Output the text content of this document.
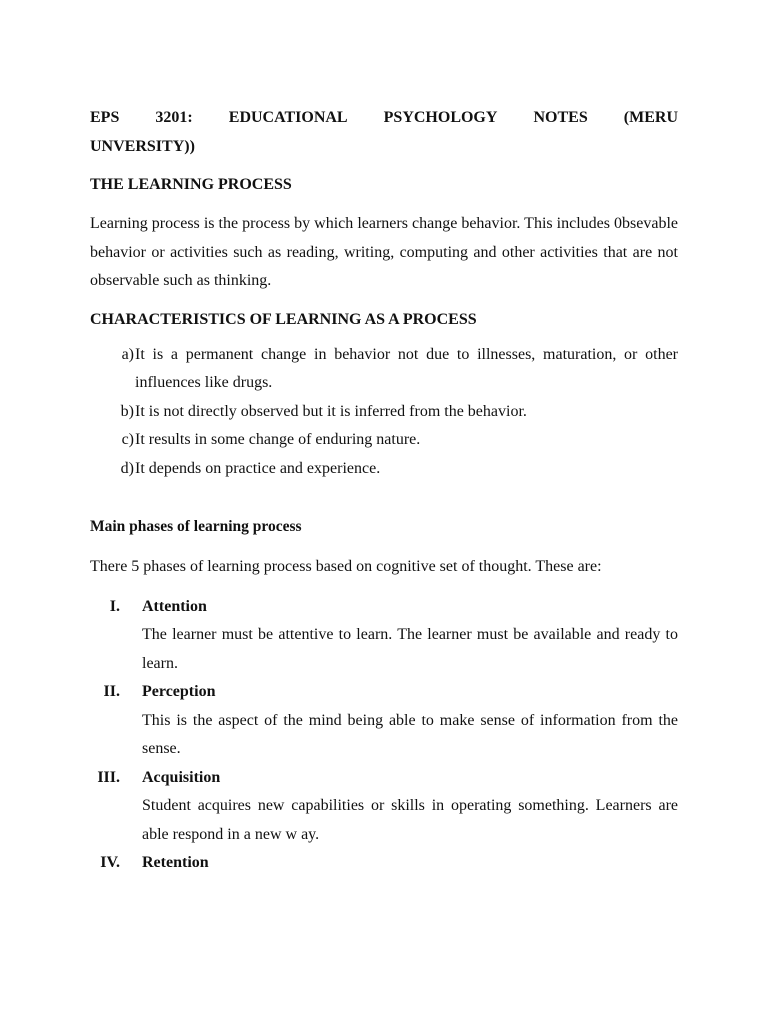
EPS 3201: EDUCATIONAL PSYCHOLOGY NOTES (MERU
UNVERSITY))
THE LEARNING PROCESS

Learning process is the process by which learners change behavior. This includes 0bsevable behavior or activities such as reading, writing, computing and other activities that are not observable such as thinking.

CHARACTERISTICS OF LEARNING AS A PROCESS
a) It is a permanent change in behavior not due to illnesses, maturation, or other influences like drugs.
b) It is not directly observed but it is inferred from the behavior.
c) It results in some change of enduring nature.
d) It depends on practice and experience.
Main phases of learning process

There 5 phases of learning process based on cognitive set of thought. These are:

I. Attention
The learner must be attentive to learn. The learner must be available and ready to learn.
II. Perception
This is the aspect of the mind being able to make sense of information from the sense.
III. Acquisition
Student acquires new capabilities or skills in operating something. Learners are able respond in a new w ay.
IV. Retention
